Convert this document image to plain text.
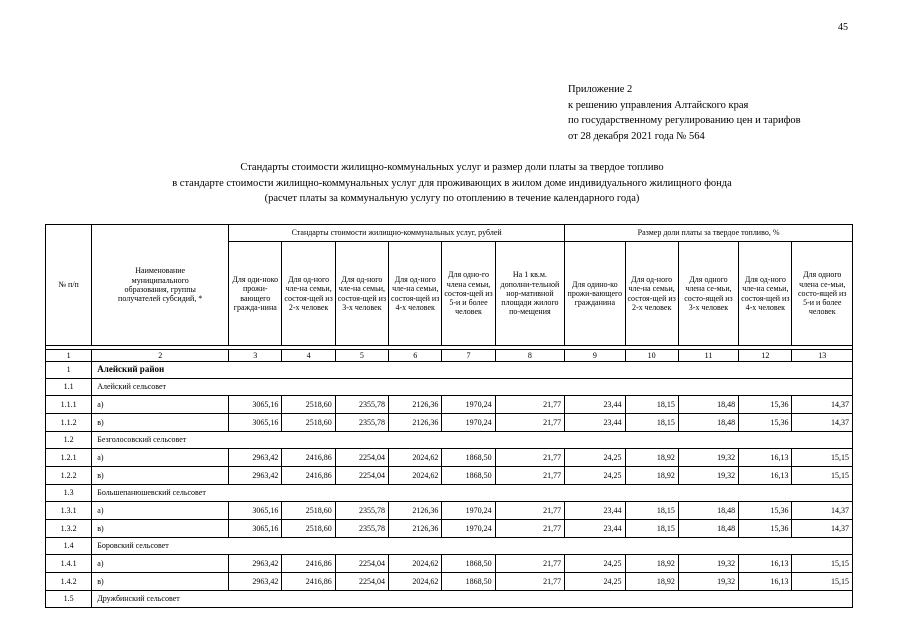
45
Приложение 2
к решению управления Алтайского края
по государственному регулированию цен и тарифов
от 28 декабря 2021 года № 564
Стандарты стоимости жилищно-коммунальных услуг и размер доли платы за твердое топливо
в стандарте стоимости жилищно-коммунальных услуг для проживающих в жилом доме индивидуального жилищного фонда
(расчет платы за коммунальную услугу по отоплению в течение календарного года)
№ п/п	Наименование муниципального образования, группы получателей субсидий, *	Стандарты стоимости жилищно-коммунальных услуг, рублей						Размер доли платы за твердое топливо, %				
		Для оди-ноко прожи-вающего гражда-нина	Для од-ного чле-на семьи, состоя-щей из 2-х человек	Для од-ного чле-на семьи, состоя-щей из 3-х человек	Для од-ного чле-на семьи, состоя-щей из 4-х человек	Для одно-го члена семьи, состоя-щей из 5-и и более человек	На 1 кв.м. дополни-тельной нор-мативной площади жилого по-мещения	Для одино-ко прожи-вающего гражданина	Для од-ного чле-на семьи, состоя-щей из 2-х человек	Для одного члена се-мьи, состо-ящей из 3-х человек	Для од-ного чле-на семьи, состоя-щей из 4-х человек	Для одного члена се-мьи, состо-ящей из 5-и и более человек

1	2	3	4	5	6	7	8	9	10	11	12	13
1	Алейский район											
1.1	Алейский сельсовет											
1.1.1	а)	3065,16	2518,60	2355,78	2126,36	1970,24	21,77	23,44	18,15	18,48	15,36	14,37
1.1.2	в)	3065,16	2518,60	2355,78	2126,36	1970,24	21,77	23,44	18,15	18,48	15,36	14,37
1.2	Безголосовский сельсовет											
1.2.1	а)	2963,42	2416,86	2254,04	2024,62	1868,50	21,77	24,25	18,92	19,32	16,13	15,15
1.2.2	в)	2963,42	2416,86	2254,04	2024,62	1868,50	21,77	24,25	18,92	19,32	16,13	15,15
1.3	Большепанюшевский сельсовет											
1.3.1	а)	3065,16	2518,60	2355,78	2126,36	1970,24	21,77	23,44	18,15	18,48	15,36	14,37
1.3.2	в)	3065,16	2518,60	2355,78	2126,36	1970,24	21,77	23,44	18,15	18,48	15,36	14,37
1.4	Боровский сельсовет											
1.4.1	а)	2963,42	2416,86	2254,04	2024,62	1868,50	21,77	24,25	18,92	19,32	16,13	15,15
1.4.2	в)	2963,42	2416,86	2254,04	2024,62	1868,50	21,77	24,25	18,92	19,32	16,13	15,15
1.5	Дружбинский сельсовет											
